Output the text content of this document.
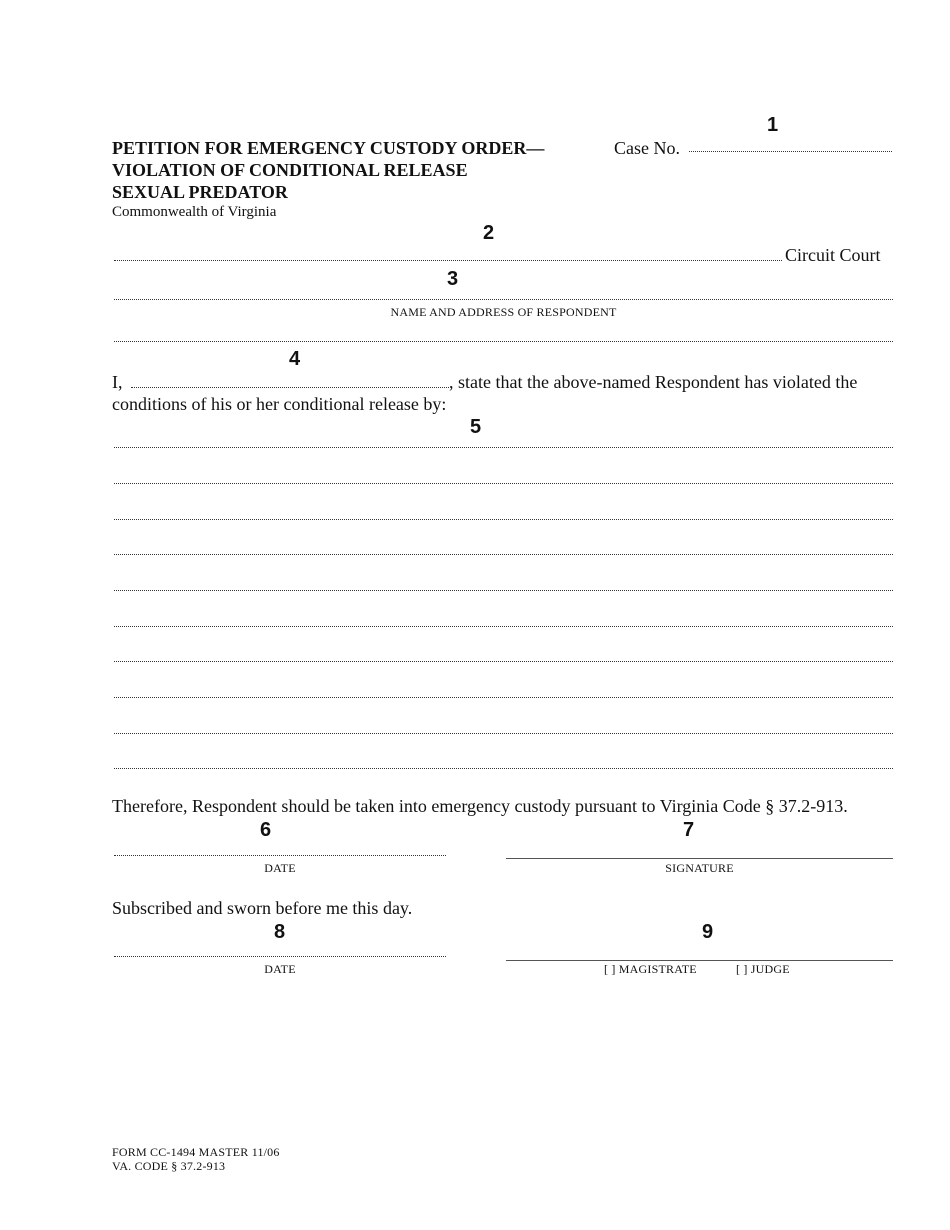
1
2
3
4
5
6	7
8	9
PETITION FOR EMERGENCY CUSTODY ORDER—
VIOLATION OF CONDITIONAL RELEASE
SEXUAL PREDATOR
Commonwealth of Virginia
Case No.
Circuit Court
NAME AND ADDRESS OF RESPONDENT
I,	, state that the above-named Respondent has violated the
conditions of his or her conditional release by:
Therefore, Respondent should be taken into emergency custody pursuant to Virginia Code § 37.2-913.
DATE	SIGNATURE
Subscribed and sworn before me this day.
DATE	[ ] MAGISTRATE	[ ] JUDGE
FORM CC-1494 MASTER 11/06
VA. CODE § 37.2-913
